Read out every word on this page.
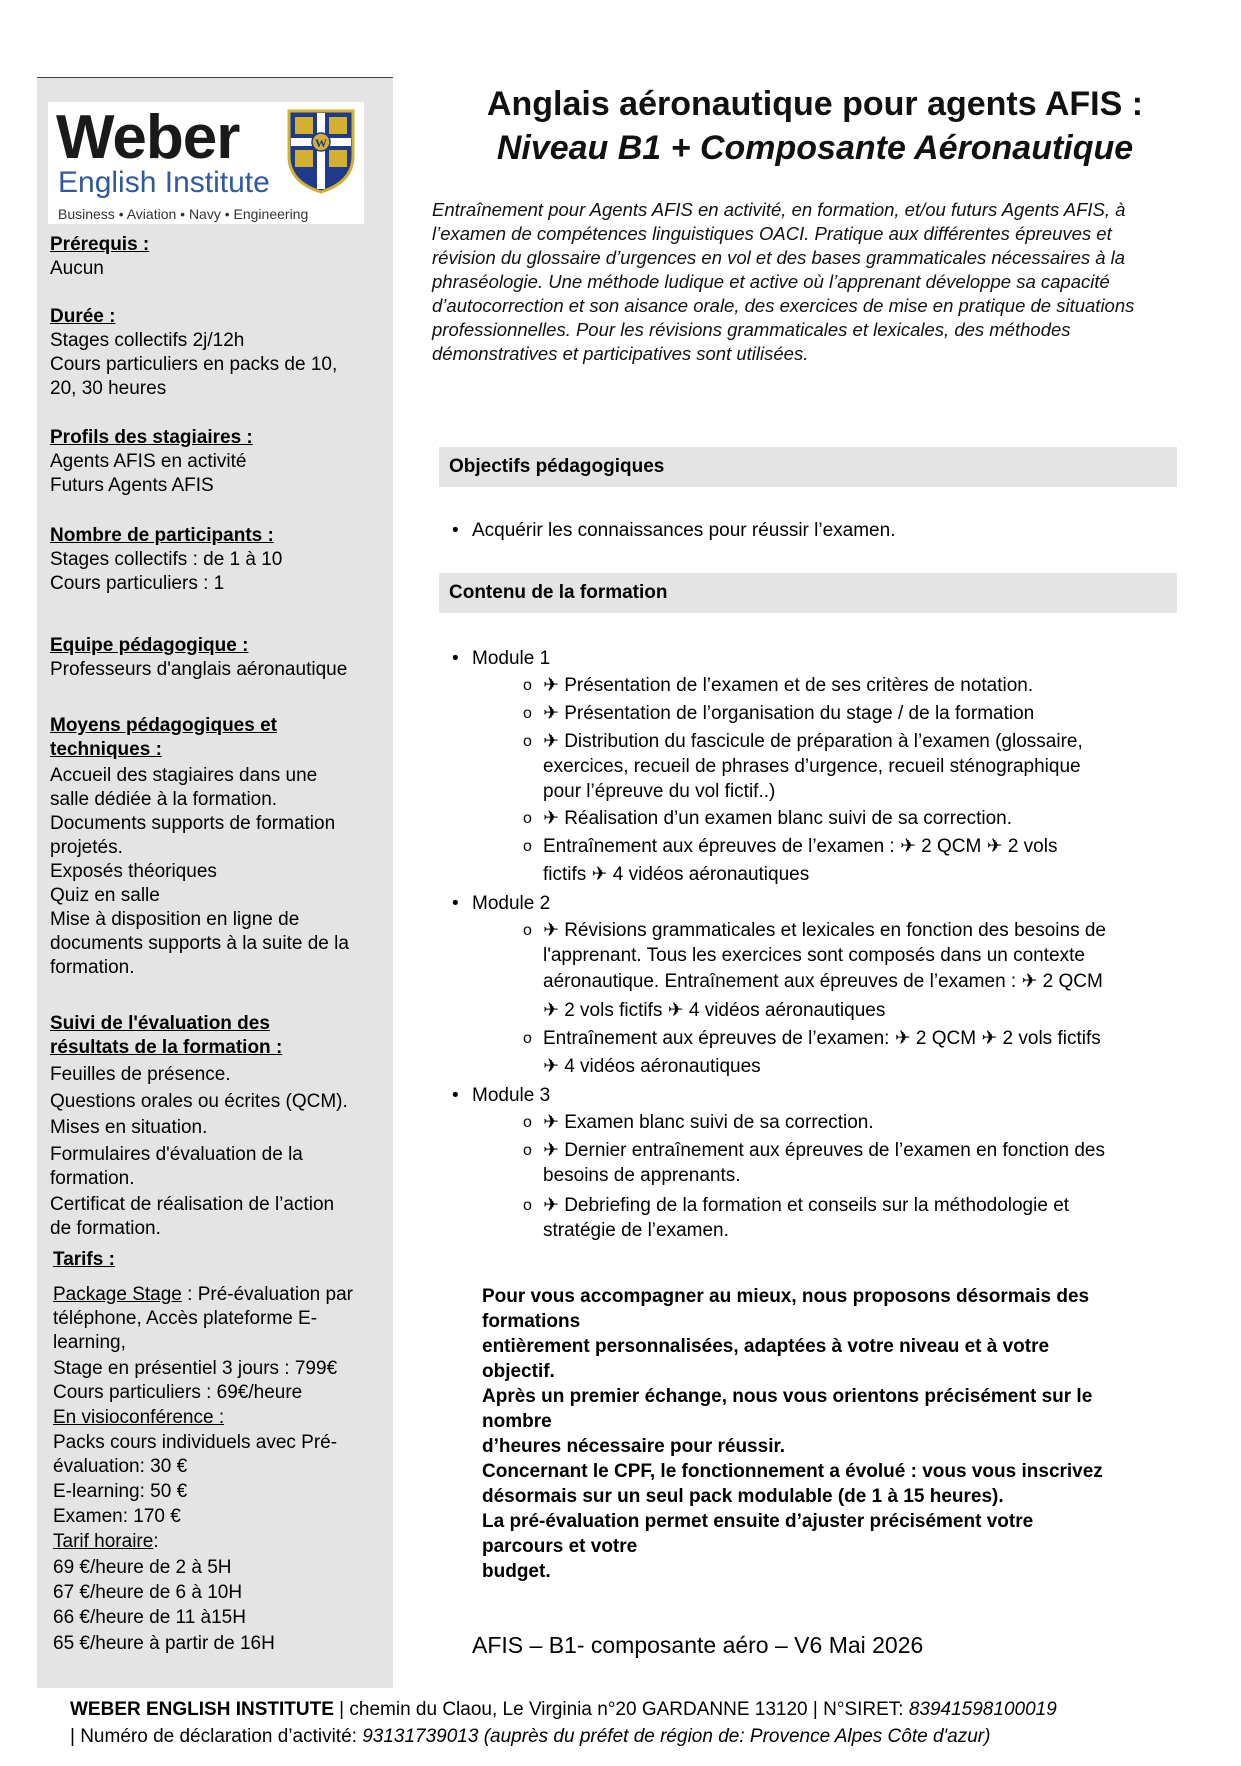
Weber
English Institute
Business • Aviation • Navy • Engineering
W
Anglais aéronautique pour agents AFIS :
Niveau B1 + Composante Aéronautique
Entraînement pour Agents AFIS en activité, en formation, et/ou futurs Agents AFIS, à l’examen de compétences linguistiques OACI. Pratique aux différentes épreuves et révision du glossaire d’urgences en vol et des bases grammaticales nécessaires à la phraséologie. Une méthode ludique et active où l’apprenant développe sa capacité d’autocorrection et son aisance orale, des exercices de mise en pratique de situations professionnelles. Pour les révisions grammaticales et lexicales, des méthodes démonstratives et participatives sont utilisées.
Prérequis :
Aucun
Durée :
Stages collectifs 2j/12h
Cours particuliers en packs de 10,
20, 30 heures
Profils des stagiaires :
Agents AFIS en activité
Futurs Agents AFIS
Nombre de participants :
Stages collectifs : de 1 à 10
Cours particuliers : 1
Equipe pédagogique :
Professeurs d'anglais aéronautique
Moyens pédagogiques et
techniques :
Accueil des stagiaires dans une
salle dédiée à la formation.
Documents supports de formation
projetés.
Exposés théoriques
Quiz en salle
Mise à disposition en ligne de
documents supports à la suite de la
formation.
Suivi de l'évaluation des
résultats de la formation :
Feuilles de présence.
Questions orales ou écrites (QCM).
Mises en situation.
Formulaires d'évaluation de la
formation.
Certificat de réalisation de l’action
de formation.
Tarifs :
Package Stage : Pré-évaluation par
téléphone, Accès plateforme E-
learning,
Stage en présentiel 3 jours : 799€
Cours particuliers : 69€/heure
En visioconférence :
Packs cours individuels avec Pré-
évaluation: 30 €
E-learning: 50 €
Examen: 170 €
Tarif horaire:
69 €/heure de 2 à 5H
67 €/heure de 6 à 10H
66 €/heure de 11 à15H
65 €/heure à partir de 16H
Objectifs pédagogiques
• Acquérir les connaissances pour réussir l’examen.
Contenu de la formation
• Module 1
o ✈ Présentation de l’examen et de ses critères de notation.
o ✈ Présentation de l’organisation du stage / de la formation
o ✈ Distribution du fascicule de préparation à l’examen (glossaire,
exercices, recueil de phrases d’urgence, recueil sténographique
pour l’épreuve du vol fictif..)
o ✈ Réalisation d’un examen blanc suivi de sa correction.
o Entraînement aux épreuves de l’examen : ✈ 2 QCM ✈ 2 vols
fictifs ✈ 4 vidéos aéronautiques
• Module 2
o ✈ Révisions grammaticales et lexicales en fonction des besoins de
l'apprenant. Tous les exercices sont composés dans un contexte
aéronautique. Entraînement aux épreuves de l’examen : ✈ 2 QCM
✈ 2 vols fictifs ✈ 4 vidéos aéronautiques
o Entraînement aux épreuves de l’examen: ✈ 2 QCM ✈ 2 vols fictifs
✈ 4 vidéos aéronautiques
• Module 3
o ✈ Examen blanc suivi de sa correction.
o ✈ Dernier entraînement aux épreuves de l’examen en fonction des
besoins de apprenants.
o ✈ Debriefing de la formation et conseils sur la méthodologie et
stratégie de l’examen.
Pour vous accompagner au mieux, nous proposons désormais des
formations
entièrement personnalisées, adaptées à votre niveau et à votre
objectif.
Après un premier échange, nous vous orientons précisément sur le
nombre
d’heures nécessaire pour réussir.
Concernant le CPF, le fonctionnement a évolué : vous vous inscrivez
désormais sur un seul pack modulable (de 1 à 15 heures).
La pré-évaluation permet ensuite d’ajuster précisément votre
parcours et votre
budget.
AFIS – B1- composante aéro – V6 Mai 2026
WEBER ENGLISH INSTITUTE | chemin du Claou, Le Virginia n°20 GARDANNE 13120 | N°SIRET: 83941598100019
| Numéro de déclaration d’activité: 93131739013 (auprès du préfet de région de: Provence Alpes Côte d'azur)
